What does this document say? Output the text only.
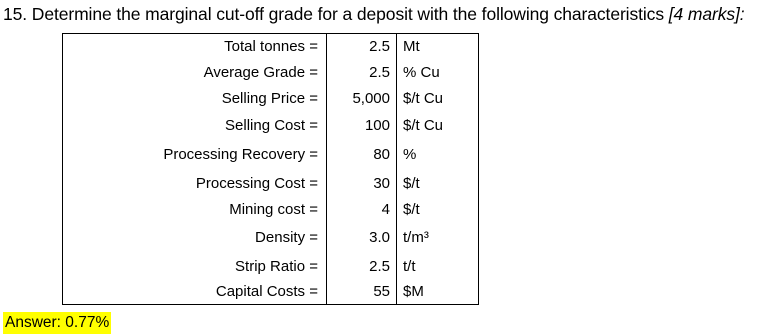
15. Determine the marginal cut-off grade for a deposit with the following characteristics [4 marks]:
Total tonnes =	2.5	Mt
Average Grade =	2.5	% Cu
Selling Price =	5,000	$/t Cu
Selling Cost =	100	$/t Cu
Processing Recovery =	80	%
Processing Cost =	30	$/t
Mining cost =	4	$/t
Density =	3.0	t/m³
Strip Ratio =	2.5	t/t
Capital Costs =	55	$M
Answer: 0.77%
